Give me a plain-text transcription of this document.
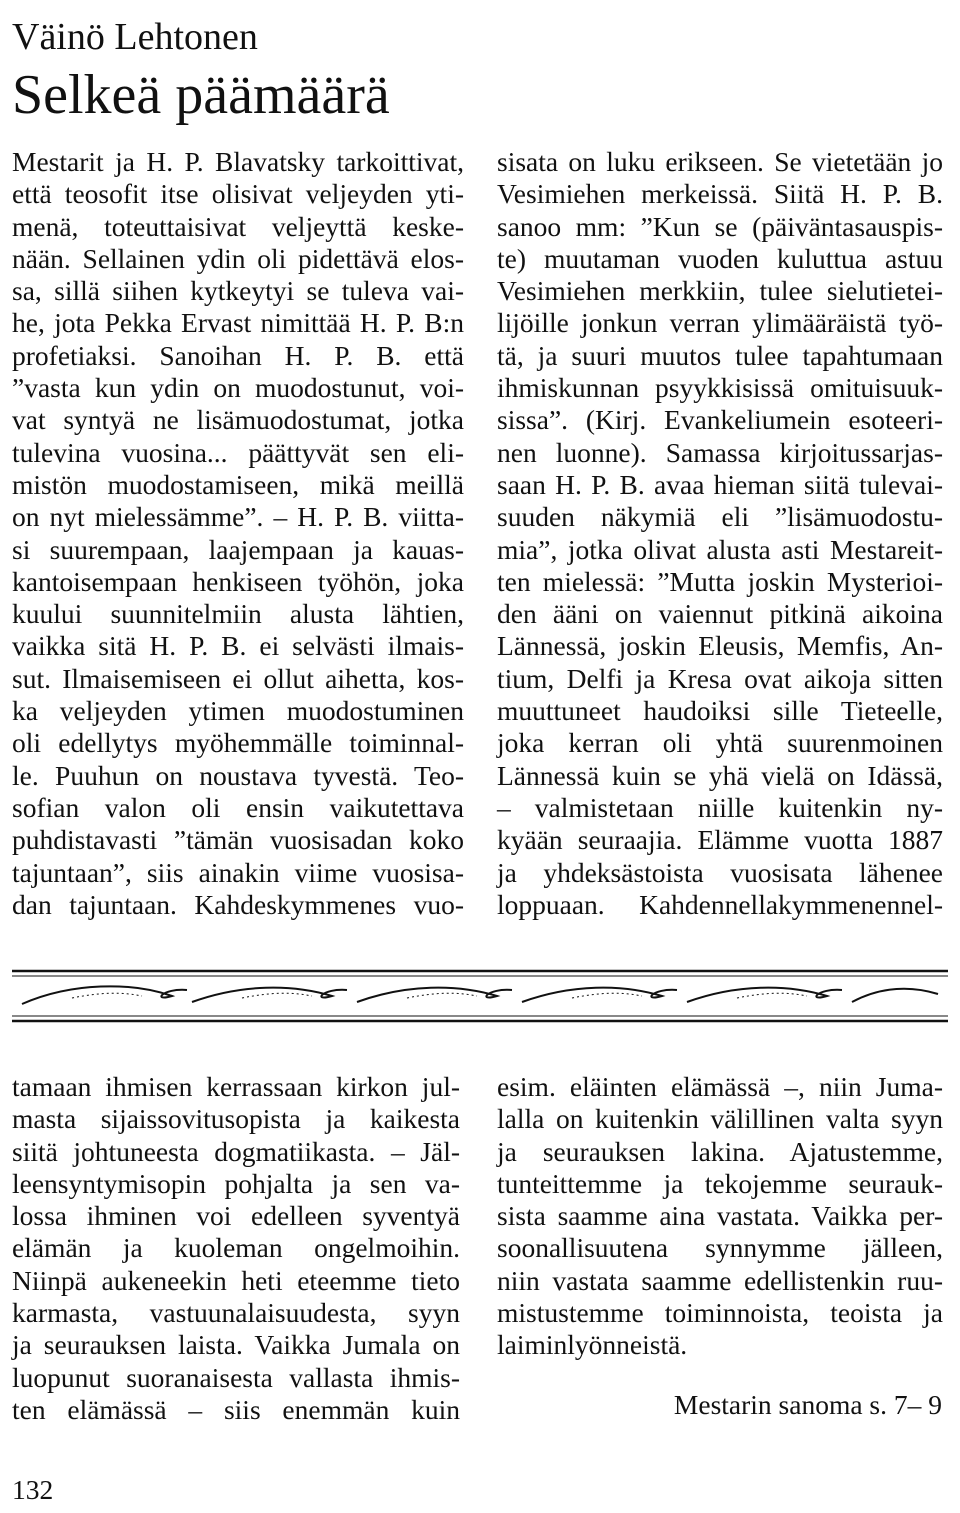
Väinö Lehtonen
Selkeä päämäärä
Mestarit ja H. P. Blavatsky tarkoittivat,
että teosofit itse olisivat veljeyden yti-
menä, toteuttaisivat veljeyttä keske-
nään. Sellainen ydin oli pidettävä elos-
sa, sillä siihen kytkeytyi se tuleva vai-
he, jota Pekka Ervast nimittää H. P. B:n
profetiaksi. Sanoihan H. P. B. että
”vasta kun ydin on muodostunut, voi-
vat syntyä ne lisämuodostumat, jotka
tulevina vuosina... päättyvät sen eli-
mistön muodostamiseen, mikä meillä
on nyt mielessämme”. – H. P. B. viitta-
si suurempaan, laajempaan ja kauas-
kantoisempaan henkiseen työhön, joka
kuului suunnitelmiin alusta lähtien,
vaikka sitä H. P. B. ei selvästi ilmais-
sut. Ilmaisemiseen ei ollut aihetta, kos-
ka veljeyden ytimen muodostuminen
oli edellytys myöhemmälle toiminnal-
le. Puuhun on noustava tyvestä. Teo-
sofian valon oli ensin vaikutettava
puhdistavasti ”tämän vuosisadan koko
tajuntaan”, siis ainakin viime vuosisa-
dan tajuntaan. Kahdeskymmenes vuo-
sisata on luku erikseen. Se vietetään jo
Vesimiehen merkeissä. Siitä H. P. B.
sanoo mm: ”Kun se (päiväntasauspis-
te) muutaman vuoden kuluttua astuu
Vesimiehen merkkiin, tulee sielutietei-
lijöille jonkun verran ylimääräistä työ-
tä, ja suuri muutos tulee tapahtumaan
ihmiskunnan psyykkisissä omituisuuk-
sissa”. (Kirj. Evankeliumein esoteeri-
nen luonne). Samassa kirjoitussarjas-
saan H. P. B. avaa hieman siitä tulevai-
suuden näkymiä eli ”lisämuodostu-
mia”, jotka olivat alusta asti Mestareit-
ten mielessä: ”Mutta joskin Mysterioi-
den ääni on vaiennut pitkinä aikoina
Lännessä, joskin Eleusis, Memfis, An-
tium, Delfi ja Kresa ovat aikoja sitten
muuttuneet haudoiksi sille Tieteelle,
joka kerran oli yhtä suurenmoinen
Lännessä kuin se yhä vielä on Idässä,
– valmistetaan niille kuitenkin ny-
kyään seuraajia. Elämme vuotta 1887
ja yhdeksästoista vuosisata lähenee
loppuaan. Kahdennellakymmenennel-
tamaan ihmisen kerrassaan kirkon jul-
masta sijaissovitusopista ja kaikesta
siitä johtuneesta dogmatiikasta. – Jäl-
leensyntymisopin pohjalta ja sen va-
lossa ihminen voi edelleen syventyä
elämän ja kuoleman ongelmoihin.
Niinpä aukeneekin heti eteemme tieto
karmasta, vastuunalaisuudesta, syyn
ja seurauksen laista. Vaikka Jumala on
luopunut suoranaisesta vallasta ihmis-
ten elämässä – siis enemmän kuin
esim. eläinten elämässä –, niin Juma-
lalla on kuitenkin välillinen valta syyn
ja seurauksen lakina. Ajatustemme,
tunteittemme ja tekojemme seurauk-
sista saamme aina vastata. Vaikka per-
soonallisuutena synnymme jälleen,
niin vastata saamme edellistenkin ruu-
mistustemme toiminnoista, teoista ja
laiminlyönneistä.
Mestarin sanoma s. 7– 9
132
